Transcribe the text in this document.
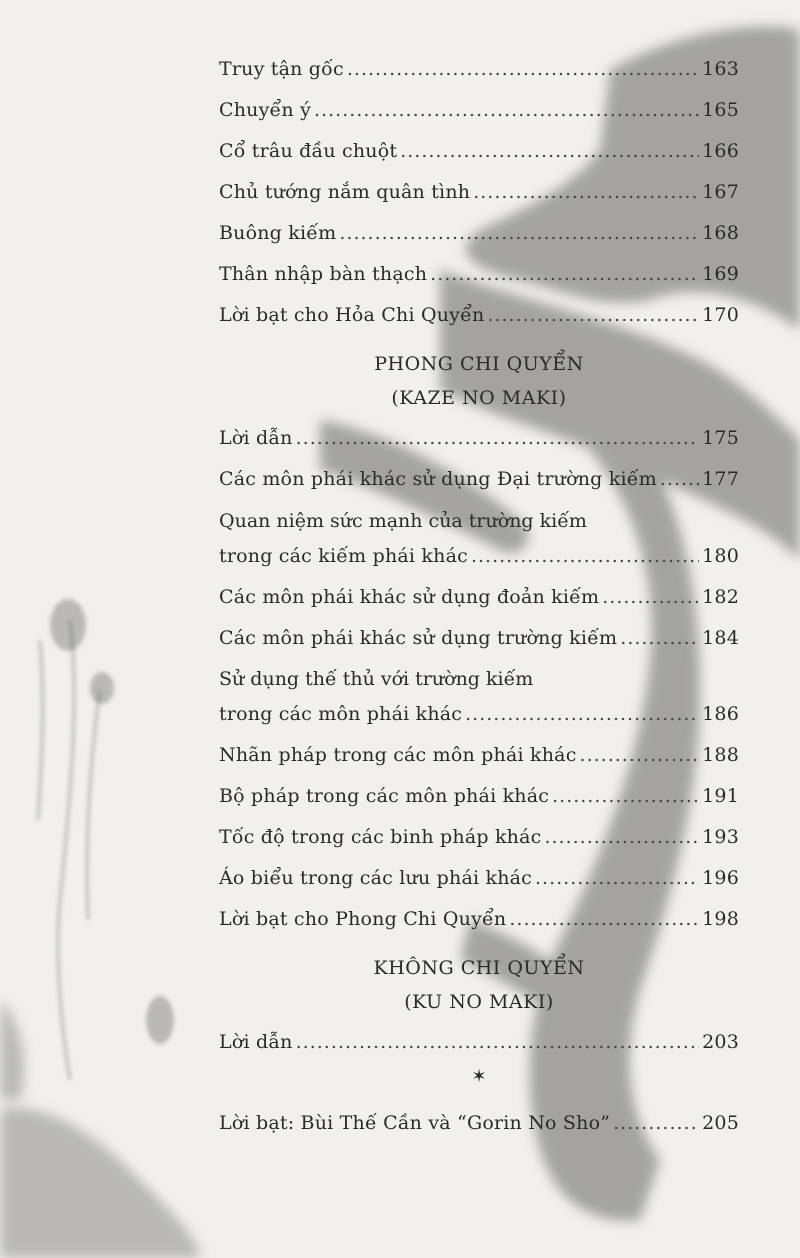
Truy tận gốc .....	163
Chuyển ý .....	165
Cổ trâu đầu chuột .....	166
Chủ tướng nắm quân tình .....	167
Buông kiếm .....	168
Thân nhập bàn thạch .....	169
Lời bạt cho Hỏa Chi Quyển .....	170
PHONG CHI QUYỂN
(KAZE NO MAKI)
Lời dẫn .....	175
Các môn phái khác sử dụng Đại trường kiếm ..... 177
Quan niệm sức mạnh của trường kiếm
trong các kiếm phái khác .....	180
Các môn phái khác sử dụng đoản kiếm .....	182
Các môn phái khác sử dụng trường kiếm .....	184
Sử dụng thế thủ với trường kiếm
trong các môn phái khác .....	186
Nhãn pháp trong các môn phái khác .....	188
Bộ pháp trong các môn phái khác .....	191
Tốc độ trong các binh pháp khác .....	193
Áo biểu trong các lưu phái khác .....	196
Lời bạt cho Phong Chi Quyển .....	198
KHÔNG CHI QUYỂN
(KU NO MAKI)
Lời dẫn .....	203
✶
Lời bạt: Bùi Thế Cần và “Gorin No Sho” .....	205
